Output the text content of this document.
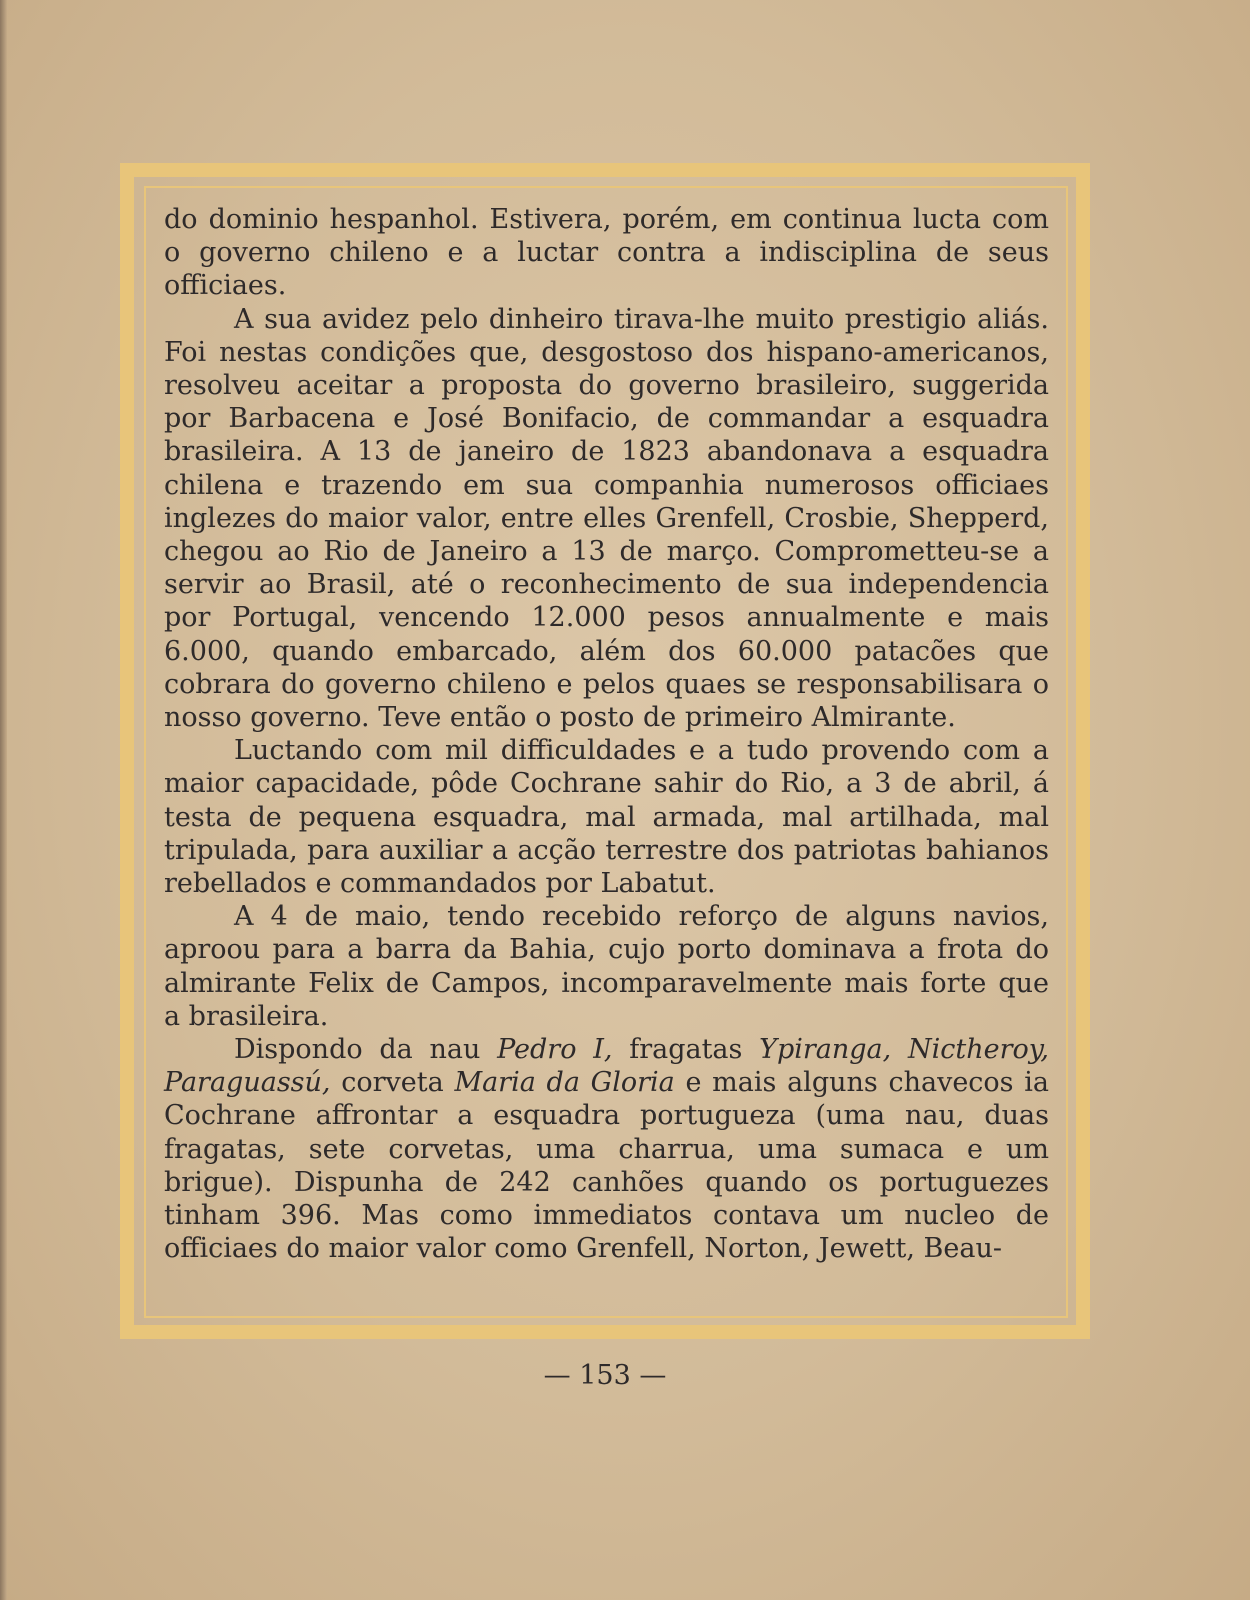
do dominio hespanhol. Estivera, porém, em continua lucta com o governo chileno e a luctar contra a indisciplina de seus officiaes.

A sua avidez pelo dinheiro tirava-lhe muito prestigio aliás. Foi nestas condições que, desgostoso dos hispano-americanos, resolveu aceitar a proposta do governo brasileiro, suggerida por Barbacena e José Bonifacio, de commandar a esquadra brasileira. A 13 de janeiro de 1823 abandonava a esquadra chilena e trazendo em sua companhia numerosos officiaes inglezes do maior valor, entre elles Grenfell, Crosbie, Shepperd, chegou ao Rio de Janeiro a 13 de março. Comprometteu-se a servir ao Brasil, até o reconhecimento de sua independencia por Portugal, vencendo 12.000 pesos annualmente e mais 6.000, quando embarcado, além dos 60.000 patacões que cobrara do governo chileno e pelos quaes se responsabilisara o nosso governo. Teve então o posto de primeiro Almirante.

Luctando com mil difficuldades e a tudo provendo com a maior capacidade, pôde Cochrane sahir do Rio, a 3 de abril, á testa de pequena esquadra, mal armada, mal artilhada, mal tripulada, para auxiliar a acção terrestre dos patriotas bahianos rebellados e commandados por Labatut.

A 4 de maio, tendo recebido reforço de alguns navios, aproou para a barra da Bahia, cujo porto dominava a frota do almirante Felix de Campos, incomparavelmente mais forte que a brasileira.

Dispondo da nau Pedro I, fragatas Ypiranga, Nictheroy, Paraguassú, corveta Maria da Gloria e mais alguns chavecos ia Cochrane affrontar a esquadra portugueza (uma nau, duas fragatas, sete corvetas, uma charrua, uma sumaca e um brigue). Dispunha de 242 canhões quando os portuguezes tinham 396. Mas como immediatos contava um nucleo de officiaes do maior valor como Grenfell, Norton, Jewett, Beau-

— 153 —
